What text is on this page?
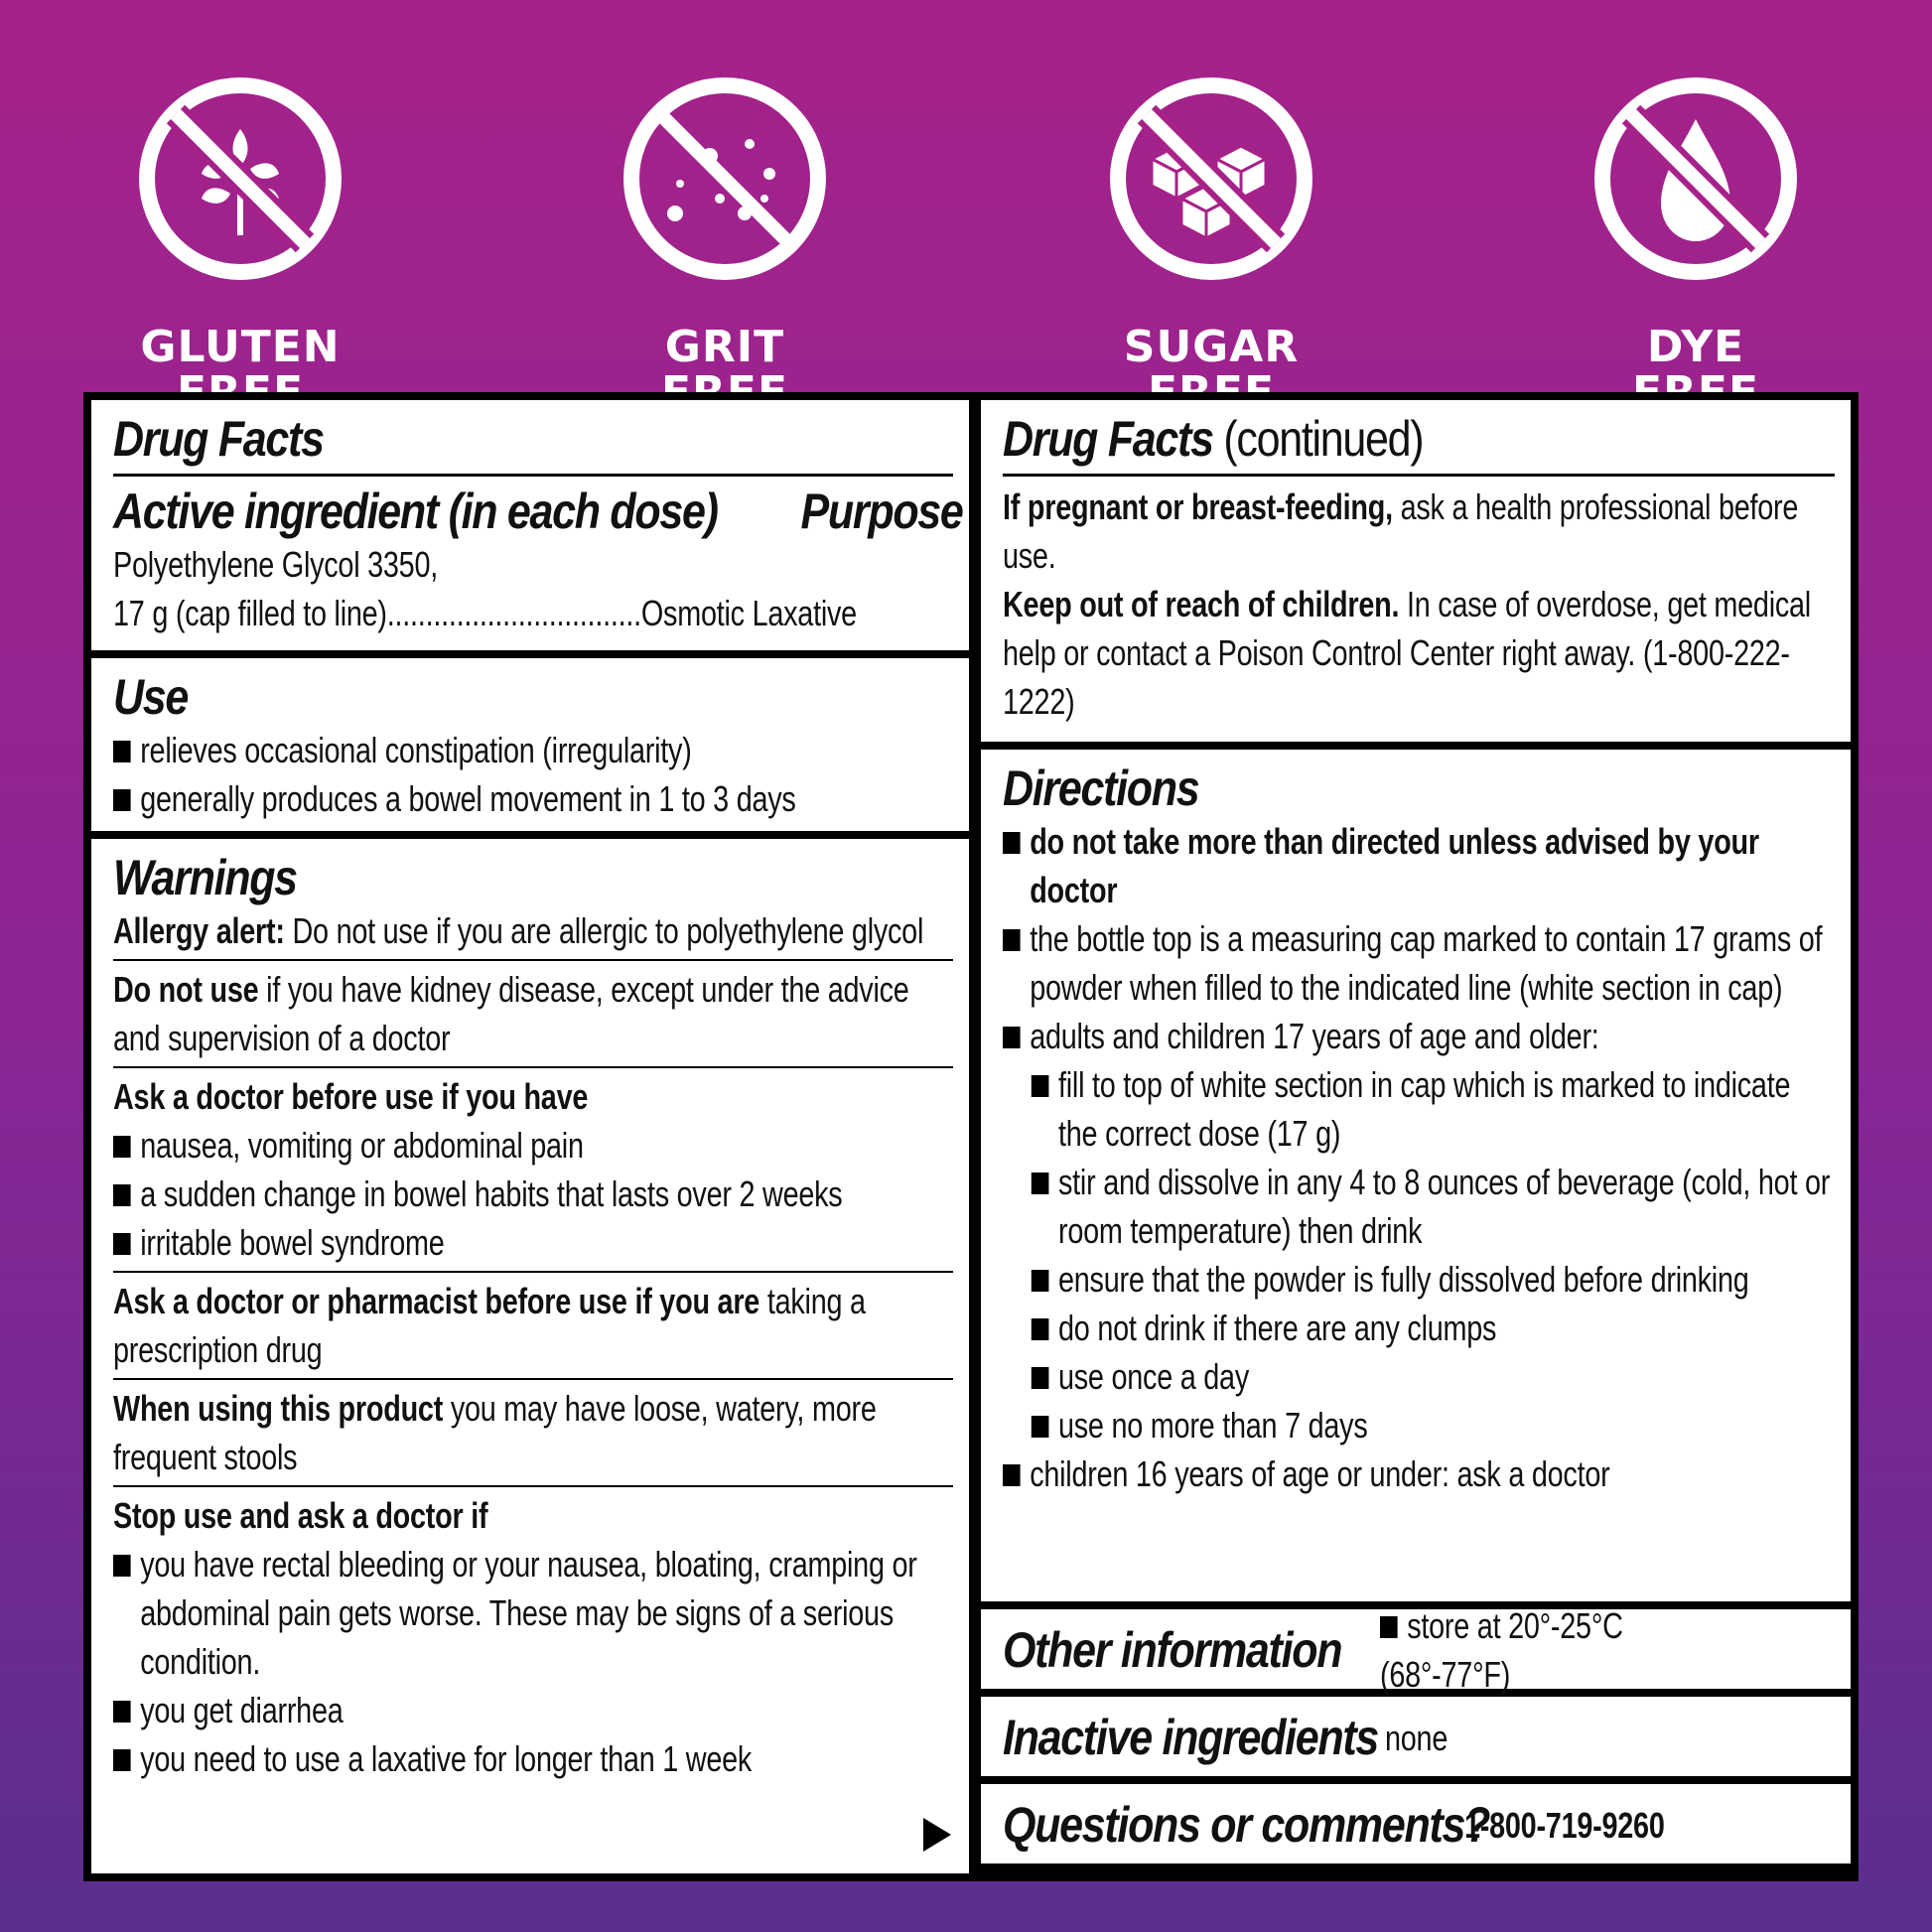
GLUTEN	GRIT	SUGAR	DYE
Drug Facts
Active ingredient (in each dose) Purpose
Polyethylene Glycol 3350,
17 g (cap filled to line).................................Osmotic Laxative
Use
relieves occasional constipation (irregularity)
generally produces a bowel movement in 1 to 3 days
Warnings
Allergy alert: Do not use if you are allergic to polyethylene glycol
Do not use if you have kidney disease, except under the advice and supervision of a doctor
Ask a doctor before use if you have
nausea, vomiting or abdominal pain
a sudden change in bowel habits that lasts over 2 weeks
irritable bowel syndrome
Ask a doctor or pharmacist before use if you are taking a prescription drug
When using this product you may have loose, watery, more frequent stools
Stop use and ask a doctor if
you have rectal bleeding or your nausea, bloating, cramping or abdominal pain gets worse. These may be signs of a serious condition.
you get diarrhea
you need to use a laxative for longer than 1 week
Drug Facts (continued)
If pregnant or breast-feeding, ask a health professional before use.
Keep out of reach of children. In case of overdose, get medical help or contact a Poison Control Center right away. (1-800-222-1222)
Directions
do not take more than directed unless advised by your doctor
the bottle top is a measuring cap marked to contain 17 grams of powder when filled to the indicated line (white section in cap)
adults and children 17 years of age and older:
fill to top of white section in cap which is marked to indicate the correct dose (17 g)
stir and dissolve in any 4 to 8 ounces of beverage (cold, hot or room temperature) then drink
ensure that the powder is fully dissolved before drinking
do not drink if there are any clumps
use once a day
use no more than 7 days
children 16 years of age or under: ask a doctor
Other information	store at 20°-25°C (68°-77°F)
Inactive ingredients none
Questions or comments?
1-800-719-9260
